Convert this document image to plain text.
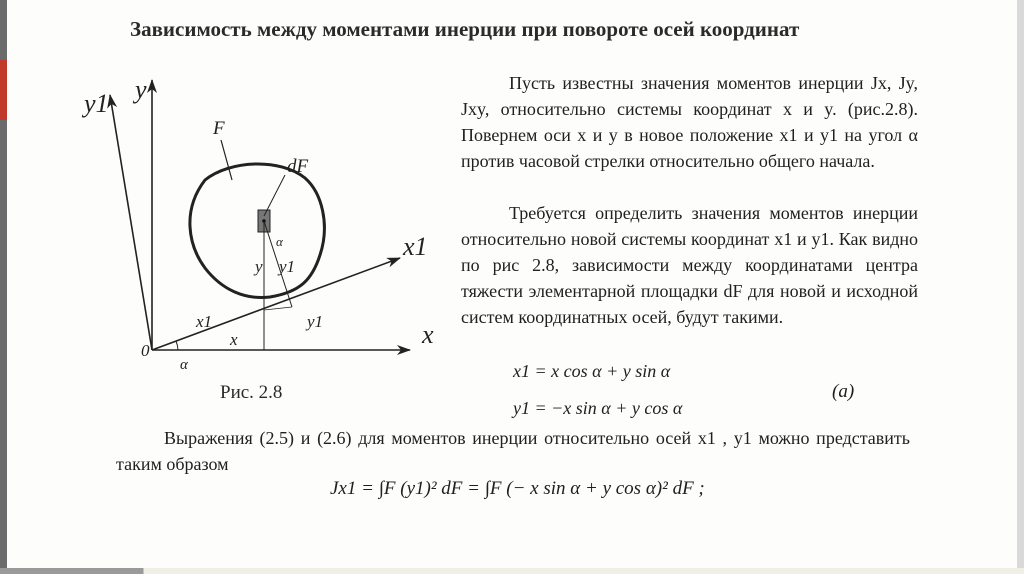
Зависимость между моментами инерции при повороте осей координат
y1 y
x
x1
0
F
dF
α
α
x
x1
y y1
y1
Рис. 2.8
Пусть известны значения моментов инерции Jx, Jy, Jxy, относительно системы координат x и y. (рис.2.8). Повернем оси x и y в новое положение x1 и y1 на угол α против часовой стрелки относительно общего начала.
Требуется определить значения моментов инерции относительно новой системы координат x1 и y1. Как видно по рис 2.8, зависимости между координатами центра тяжести элементарной площадки dF для новой и исходной систем координатных осей, будут такими.
x1 = x cos α + y sin α
y1 = −x sin α + y cos α
(a)
Выражения (2.5) и (2.6) для моментов инерции относительно осей x1 , y1 можно представить таким образом
Jx1 = ∫F (y1)² dF = ∫F (− x sin α + y cos α)² dF ;
